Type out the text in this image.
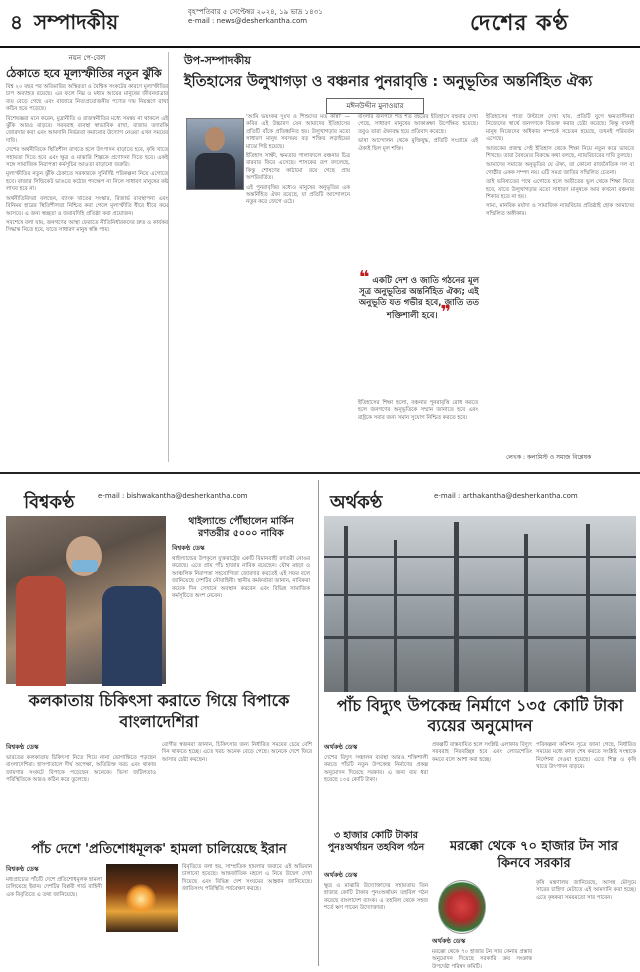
৪ সম্পাদকীয়	বৃহস্পতিবার ৫ সেপ্টেম্বর ২০২৪, ১৯ ভাদ্র ১৪৩১
e-mail : news@desherkantha.com	দেশের কণ্ঠ
নয়ন পে-বেল
ঠেকাতে হবে মূল্যস্ফীতির নতুন ঝুঁকি

বিশ্ব ২০ বছর পর অতিমারির অস্থিরতা ও বৈশ্বিক সংকটের কারণে মূল্যস্ফীতির চাপ অব্যাহত রয়েছে। এর ফলে নিম্ন ও মধ্যম আয়ের মানুষের জীবনযাত্রার ব্যয় বেড়ে গেছে এবং বাজারে নিত্যপ্রয়োজনীয় পণ্যের দাম নিয়ন্ত্রণে রাখা কঠিন হয়ে পড়েছে।

বিশেষজ্ঞরা মনে করেন, মুদ্রানীতি ও রাজস্বনীতির মধ্যে সমন্বয় না থাকলে এই ঝুঁকি আরও বাড়বে। সরবরাহ ব্যবস্থা স্বাভাবিক রাখা, বাজার তদারকি জোরদার করা এবং আমদানি নির্ভরতা কমানোর উদ্যোগ নেওয়া এখন সময়ের দাবি।

দেশের অর্থনীতিকে স্থিতিশীল রাখতে হলে উৎপাদন বাড়াতে হবে, কৃষি খাতে সহায়তা দিতে হবে এবং ক্ষুদ্র ও মাঝারি শিল্পকে প্রণোদনা দিতে হবে। একই সঙ্গে সামাজিক নিরাপত্তা কর্মসূচির আওতা বাড়ানো জরুরি।

মূল্যস্ফীতির নতুন ঝুঁকি ঠেকাতে সরকারকে সুনির্দিষ্ট পরিকল্পনা নিয়ে এগোতে হবে। বাজার সিন্ডিকেট ভাঙতে কঠোর পদক্ষেপ না নিলে সাধারণ মানুষের কষ্ট লাঘব হবে না।

অর্থনীতিবিদরা বলছেন, ব্যাংক খাতের সংস্কার, রিজার্ভ ব্যবস্থাপনা এবং বিনিময় হারের স্থিতিশীলতা নিশ্চিত করা গেলে মূল্যস্ফীতি ধীরে ধীরে কমে আসবে। এ জন্য স্বচ্ছতা ও জবাবদিহি প্রতিষ্ঠা করা প্রয়োজন।

সবশেষে বলা যায়, জনগণের আস্থা ফেরাতে নীতিনির্ধারকদের দ্রুত ও কার্যকর সিদ্ধান্ত নিতে হবে, যাতে সাধারণ মানুষ স্বস্তি পায়।

উপ-সম্পাদকীয়
ইতিহাসের উলুখাগড়া ও বঞ্চনার পুনরাবৃত্তি : অনুভূতির অন্তর্নিহিত ঐক্য
মঈনউদ্দীন মুনাওয়ার

'আমি ভয়ংকর দুঃখ ও শিশুদের মত কান্না' — কবির এই উচ্চারণ যেন আমাদের ইতিহাসের প্রতিটি বাঁকে প্রতিধ্বনিত হয়। উলুখাগড়ার মতো সাধারণ মানুষ সবসময় বড় শক্তির লড়াইয়ের মাঝে পিষ্ট হয়েছে।

ইতিহাস সাক্ষী, ক্ষমতার পালাবদলে বঞ্চনার চিত্র বারবার ফিরে এসেছে। শাসকের রূপ বদলেছে, কিন্তু শোষণের কাঠামো রয়ে গেছে প্রায় অপরিবর্তিত।

এই পুনরাবৃত্তির মধ্যেও মানুষের অনুভূতির এক অন্তর্নিহিত ঐক্য রয়েছে, যা প্রতিটি আন্দোলনে নতুন করে জেগে ওঠে।

বাংলার জনপদে শত শত বছরের ইতিহাসে বহুবার দেখা গেছে, সাধারণ মানুষের আকাঙ্ক্ষা উপেক্ষিত হয়েছে। তবুও তারা ঐক্যবদ্ধ হয়ে প্রতিবাদ করেছে।

ভাষা আন্দোলন থেকে মুক্তিযুদ্ধ, প্রতিটি সংগ্রামে এই ঐক্যই ছিল মূল শক্তি।

❝ একটি দেশ ও জাতি গঠনের মূল সূত্র অনুভূতির অন্তর্নিহিত ঐক্য; এই অনুভূতি যত গভীর হবে, জাতি তত শক্তিশালী হবে। ❞

ইতিহাসের শিক্ষা হলো, বঞ্চনার পুনরাবৃত্তি রোধ করতে হলে জনগণের অনুভূতিকে সম্মান জানাতে হবে এবং রাষ্ট্রকে সবার জন্য সমান সুযোগ নিশ্চিত করতে হবে।

ইতিহাসের পাতা উল্টালে দেখা যায়, প্রতিটি যুগে ক্ষমতাসীনরা নিজেদের স্বার্থে জনগণকে বিভক্ত করার চেষ্টা করেছে। কিন্তু যখনই মানুষ নিজেদের অধিকার সম্পর্কে সচেতন হয়েছে, তখনই পরিবর্তন এসেছে।

আজকের প্রজন্ম সেই ইতিহাস থেকে শিক্ষা নিয়ে নতুন করে ভাবতে শিখছে। তারা বৈষম্যের বিরুদ্ধে কথা বলছে, ন্যায়বিচারের দাবি তুলছে।

আমাদের সমাজে অনুভূতির যে ঐক্য, তা কোনো রাজনৈতিক দল বা গোষ্ঠীর একক সম্পদ নয়। এটি সমগ্র জাতির সম্মিলিত চেতনা।

তাই ভবিষ্যতের পথে এগোতে হলে অতীতের ভুল থেকে শিক্ষা নিতে হবে, যাতে উলুখাগড়ার মতো সাধারণ মানুষকে আর কখনো বঞ্চনার শিকার হতে না হয়।

সাম্য, মানবিক মর্যাদা ও সামাজিক ন্যায়বিচার প্রতিষ্ঠাই হোক আমাদের সম্মিলিত অঙ্গীকার।

লেখক : কলামিস্ট ও সমাজ বিশ্লেষক
বিশ্বকণ্ঠ	e-mail : bishwakantha@desherkantha.com
থাইল্যান্ডে পৌঁছালেন মার্কিন রণতরীর ৫০০০ নাবিক
বিশ্বকণ্ঠ ডেস্ক
থাইল্যান্ডের উপকূলে যুক্তরাষ্ট্রের একটি বিমানবাহী রণতরী নোঙর করেছে। এতে প্রায় পাঁচ হাজার নাবিক রয়েছেন। যৌথ মহড়া ও আঞ্চলিক নিরাপত্তা সহযোগিতা জোরদার করতেই এই সফর বলে জানিয়েছে দেশটির নৌবাহিনী। স্থানীয় কর্মকর্তারা জানান, নাবিকরা কয়েক দিন সেখানে অবস্থান করবেন এবং বিভিন্ন সামাজিক কর্মসূচিতে অংশ নেবেন।
কলকাতায় চিকিৎসা করাতে গিয়ে বিপাকে বাংলাদেশিরা
বিশ্বকণ্ঠ ডেস্ক
ভারতের কলকাতায় চিকিৎসা নিতে গিয়ে নানা ভোগান্তিতে পড়ছেন বাংলাদেশিরা। হাসপাতালে দীর্ঘ অপেক্ষা, অতিরিক্ত খরচ এবং থাকার জায়গার সংকটে বিপাকে পড়েছেন অনেকে। ভিসা জটিলতাও পরিস্থিতিকে আরও কঠিন করে তুলেছে।
রোগীর স্বজনরা জানান, চিকিৎসার জন্য নির্ধারিত সময়ের চেয়ে বেশি দিন থাকতে হচ্ছে। এতে খরচ অনেক বেড়ে গেছে। অনেকে দেশে ফিরে আসার চেষ্টা করছেন।
পাঁচ দেশে 'প্রতিশোধমূলক' হামলা চালিয়েছে ইরান
বিশ্বকণ্ঠ ডেস্ক
মধ্যপ্রাচ্যের পাঁচটি দেশে প্রতিশোধমূলক হামলা চালিয়েছে ইরান। দেশটির বিপ্লবী গার্ড বাহিনী এক বিবৃতিতে এ তথ্য জানিয়েছে।
বিবৃতিতে বলা হয়, সাম্প্রতিক হামলার জবাবে এই অভিযান চালানো হয়েছে। আন্তর্জাতিক মহলে এ নিয়ে উদ্বেগ দেখা দিয়েছে এবং বিভিন্ন দেশ সংযমের আহ্বান জানিয়েছে। জাতিসংঘ পরিস্থিতি পর্যবেক্ষণ করছে।
অর্থকণ্ঠ	e-mail : arthakantha@desherkantha.com
পাঁচ বিদ্যুৎ উপকেন্দ্র নির্মাণে ১৩৫ কোটি টাকা ব্যয়ের অনুমোদন
অর্থকণ্ঠ ডেস্ক
দেশের বিদ্যুৎ সঞ্চালন ব্যবস্থা আরও শক্তিশালী করতে পাঁচটি নতুন উপকেন্দ্র নির্মাণের প্রকল্প অনুমোদন দিয়েছে সরকার। এ জন্য ব্যয় ধরা হয়েছে ১৩৫ কোটি টাকা।
প্রকল্পটি বাস্তবায়িত হলে সংশ্লিষ্ট এলাকায় বিদ্যুৎ সরবরাহ নিরবচ্ছিন্ন হবে এবং লোডশেডিং কমবে বলে আশা করা হচ্ছে।
পরিকল্পনা কমিশন সূত্রে জানা গেছে, নির্ধারিত সময়ের মধ্যে কাজ শেষ করতে সংশ্লিষ্ট সংস্থাকে নির্দেশনা দেওয়া হয়েছে। এতে শিল্প ও কৃষি খাতে উৎপাদন বাড়বে।
৩ হাজার কোটি টাকার পুনঃঅর্থায়ন তহবিল গঠন
অর্থকণ্ঠ ডেস্ক
ক্ষুদ্র ও মাঝারি উদ্যোক্তাদের সহায়তায় তিন হাজার কোটি টাকার পুনঃঅর্থায়ন তহবিল গঠন করেছে বাংলাদেশ ব্যাংক। এ তহবিল থেকে সহজ শর্তে ঋণ পাবেন উদ্যোক্তারা।
মরক্কো থেকে ৭০ হাজার টন সার কিনবে সরকার
অর্থকণ্ঠ ডেস্ক
মরক্কো থেকে ৭০ হাজার টন সার কেনার প্রস্তাব অনুমোদন দিয়েছে সরকারি ক্রয় সংক্রান্ত উপদেষ্টা পরিষদ কমিটি।
কৃষি মন্ত্রণালয় জানিয়েছে, আসন্ন মৌসুমে সারের চাহিদা মেটাতে এই আমদানি করা হচ্ছে। এতে কৃষকরা সময়মতো সার পাবেন।
